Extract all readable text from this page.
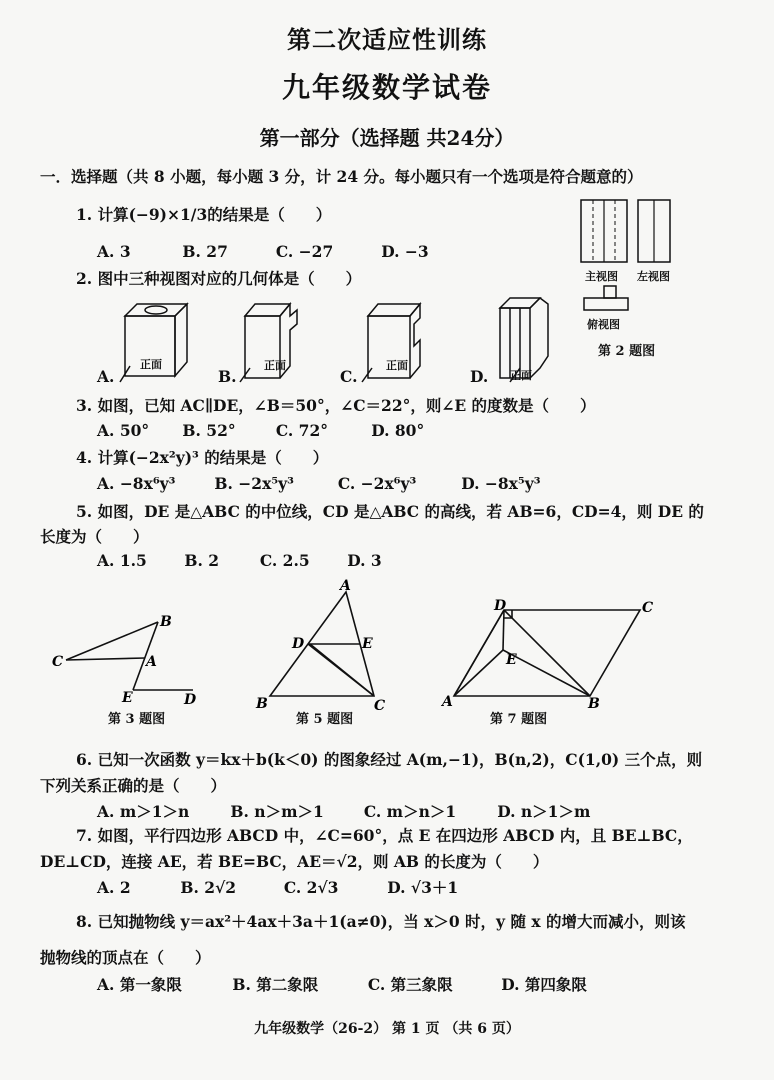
第二次适应性训练
九年级数学试卷
第一部分（选择题 共24分）
一．选择题（共 8 小题，每小题 3 分，计 24 分。每小题只有一个选项是符合题意的）
1. 计算(−9)×1/3的结果是（　　）
A. 3	B. 27	C. −27	D. −3
2. 图中三种视图对应的几何体是（　　）	主视图 左视图
俯视图
第 2 题图
A.
正面
B.
正面
C.
正面
D. 正面
3. 如图，已知 AC∥DE，∠B＝50°，∠C＝22°，则∠E 的度数是（　　）
A. 50° B. 52°	C. 72°	D. 80°
4. 计算(−2x²y)³ 的结果是（　　）
A. −8x⁶y³	B. −2x⁵y³	C. −2x⁶y³	D. −8x⁵y³
5. 如图，DE 是△ABC 的中位线，CD 是△ABC 的高线，若 AB=6，CD=4，则 DE 的
长度为（　　）
A. 1.5 B. 2	C. 2.5 D. 3
B
C	A
E	D
第 3 题图
A
D	E
B	C
第 5 题图
D	C
E
A	B
第 7 题图
6. 已知一次函数 y＝kx＋b(k＜0) 的图象经过 A(m,−1)，B(n,2)，C(1,0) 三个点，则
下列关系正确的是（　　）
A. m＞1＞n	B. n＞m＞1	C. m＞n＞1	D. n＞1＞m
7. 如图，平行四边形 ABCD 中，∠C=60°，点 E 在四边形 ABCD 内，且 BE⊥BC，
DE⊥CD，连接 AE，若 BE=BC，AE＝√2，则 AB 的长度为（　　）
A. 2	B. 2√2	C. 2√3	D. √3＋1
8. 已知抛物线 y＝ax²＋4ax＋3a＋1(a≠0)，当 x＞0 时，y 随 x 的增大而减小，则该
抛物线的顶点在（　　）
A. 第一象限	B. 第二象限	C. 第三象限	D. 第四象限
九年级数学（26-2） 第 1 页 （共 6 页）
